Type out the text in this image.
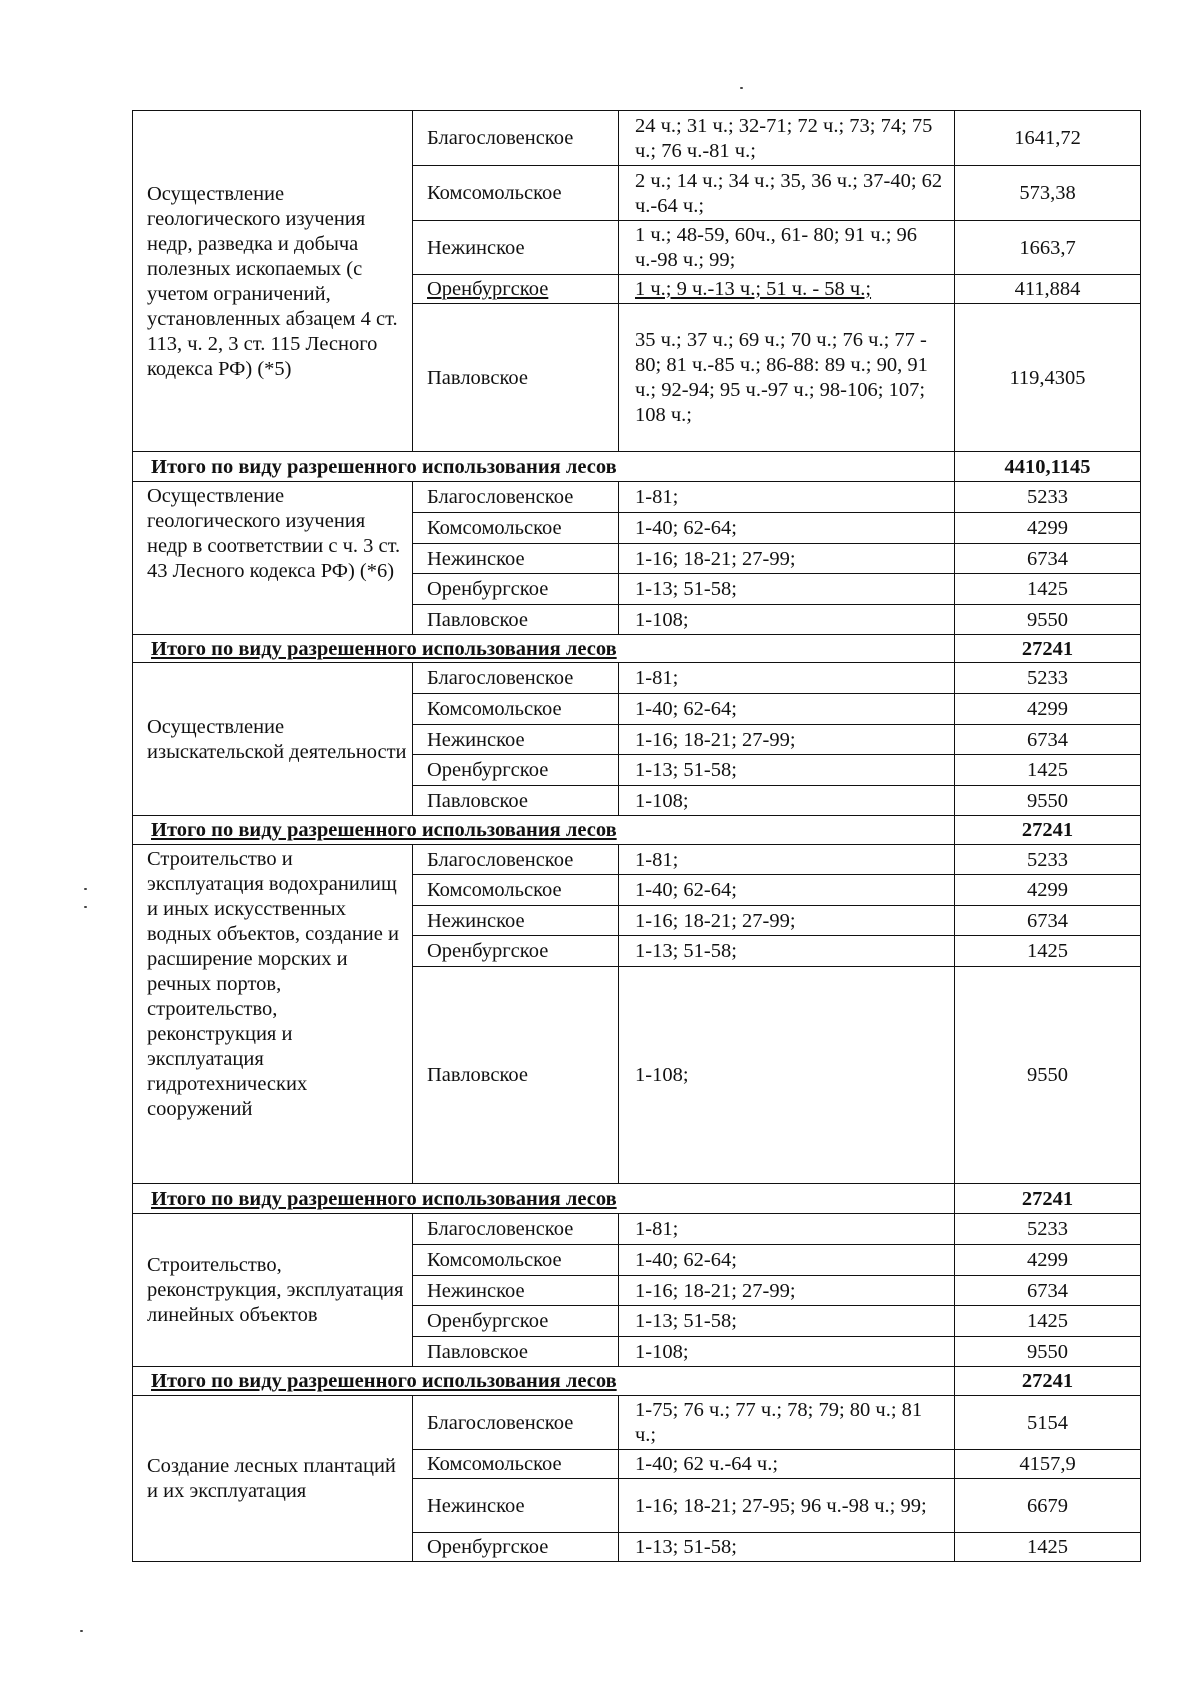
Осуществление геологического изучения недр, разведка и добыча полезных ископаемых (с учетом ограничений, установленных абзацем 4 ст. 113, ч. 2, 3 ст. 115 Лесного кодекса РФ) (*5)	Благословенское	24 ч.; 31 ч.; 32-71; 72 ч.; 73; 74; 75 ч.; 76 ч.-81 ч.;	1641,72
	Комсомольское	2 ч.; 14 ч.; 34 ч.; 35, 36 ч.; 37-40; 62 ч.-64 ч.;	573,38
	Нежинское	1 ч.; 48-59, 60ч., 61- 80; 91 ч.; 96 ч.-98 ч.; 99;	1663,7
	Оренбургское	1 ч.; 9 ч.-13 ч.; 51 ч. - 58 ч.;	411,884
	Павловское	35 ч.; 37 ч.; 69 ч.; 70 ч.; 76 ч.; 77 - 80; 81 ч.-85 ч.; 86-88: 89 ч.; 90, 91 ч.; 92-94; 95 ч.-97 ч.; 98-106; 107; 108 ч.;	119,4305
Итого по виду разрешенного использования лесов			4410,1145
Осуществление геологического изучения недр в соответствии с ч. 3 ст. 43 Лесного кодекса РФ) (*6)	Благословенское	1-81;	5233
	Комсомольское	1-40; 62-64;	4299
	Нежинское	1-16; 18-21; 27-99;	6734
	Оренбургское	1-13; 51-58;	1425
	Павловское	1-108;	9550
Итого по виду разрешенного использования лесов			27241
Осуществление изыскательской деятельности	Благословенское	1-81;	5233
	Комсомольское	1-40; 62-64;	4299
	Нежинское	1-16; 18-21; 27-99;	6734
	Оренбургское	1-13; 51-58;	1425
	Павловское	1-108;	9550
Итого по виду разрешенного использования лесов			27241
Строительство и эксплуатация водохранилищ и иных искусственных водных объектов, создание и расширение морских и речных портов, строительство, реконструкция и эксплуатация гидротехнических сооружений	Благословенское	1-81;	5233
	Комсомольское	1-40; 62-64;	4299
	Нежинское	1-16; 18-21; 27-99;	6734
	Оренбургское	1-13; 51-58;	1425
	Павловское	1-108;	9550
Итого по виду разрешенного использования лесов			27241
Строительство, реконструкция, эксплуатация линейных объектов	Благословенское	1-81;	5233
	Комсомольское	1-40; 62-64;	4299
	Нежинское	1-16; 18-21; 27-99;	6734
	Оренбургское	1-13; 51-58;	1425
	Павловское	1-108;	9550
Итого по виду разрешенного использования лесов			27241
Создание лесных плантаций и их эксплуатация	Благословенское	1-75; 76 ч.; 77 ч.; 78; 79; 80 ч.; 81 ч.;	5154
	Комсомольское	1-40; 62 ч.-64 ч.;	4157,9
	Нежинское	1-16; 18-21; 27-95; 96 ч.-98 ч.; 99;	6679
	Оренбургское	1-13; 51-58;	1425
